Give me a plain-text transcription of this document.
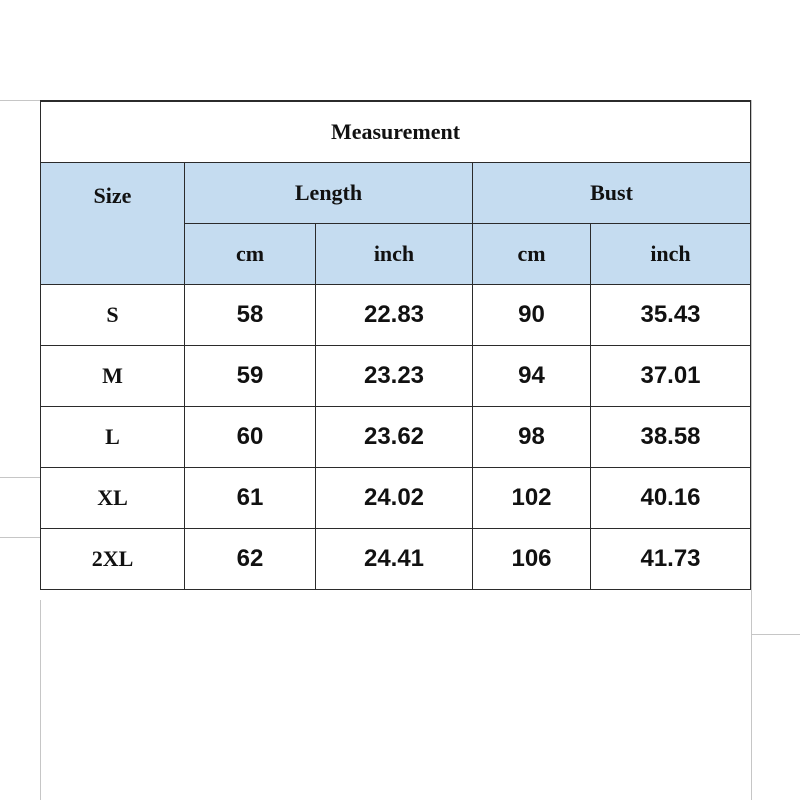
Measurement				
Size	Length		Bust	
	cm	inch	cm	inch
S	58	22.83	90	35.43
M	59	23.23	94	37.01
L	60	23.62	98	38.58
XL	61	24.02	102	40.16
2XL	62	24.41	106	41.73
